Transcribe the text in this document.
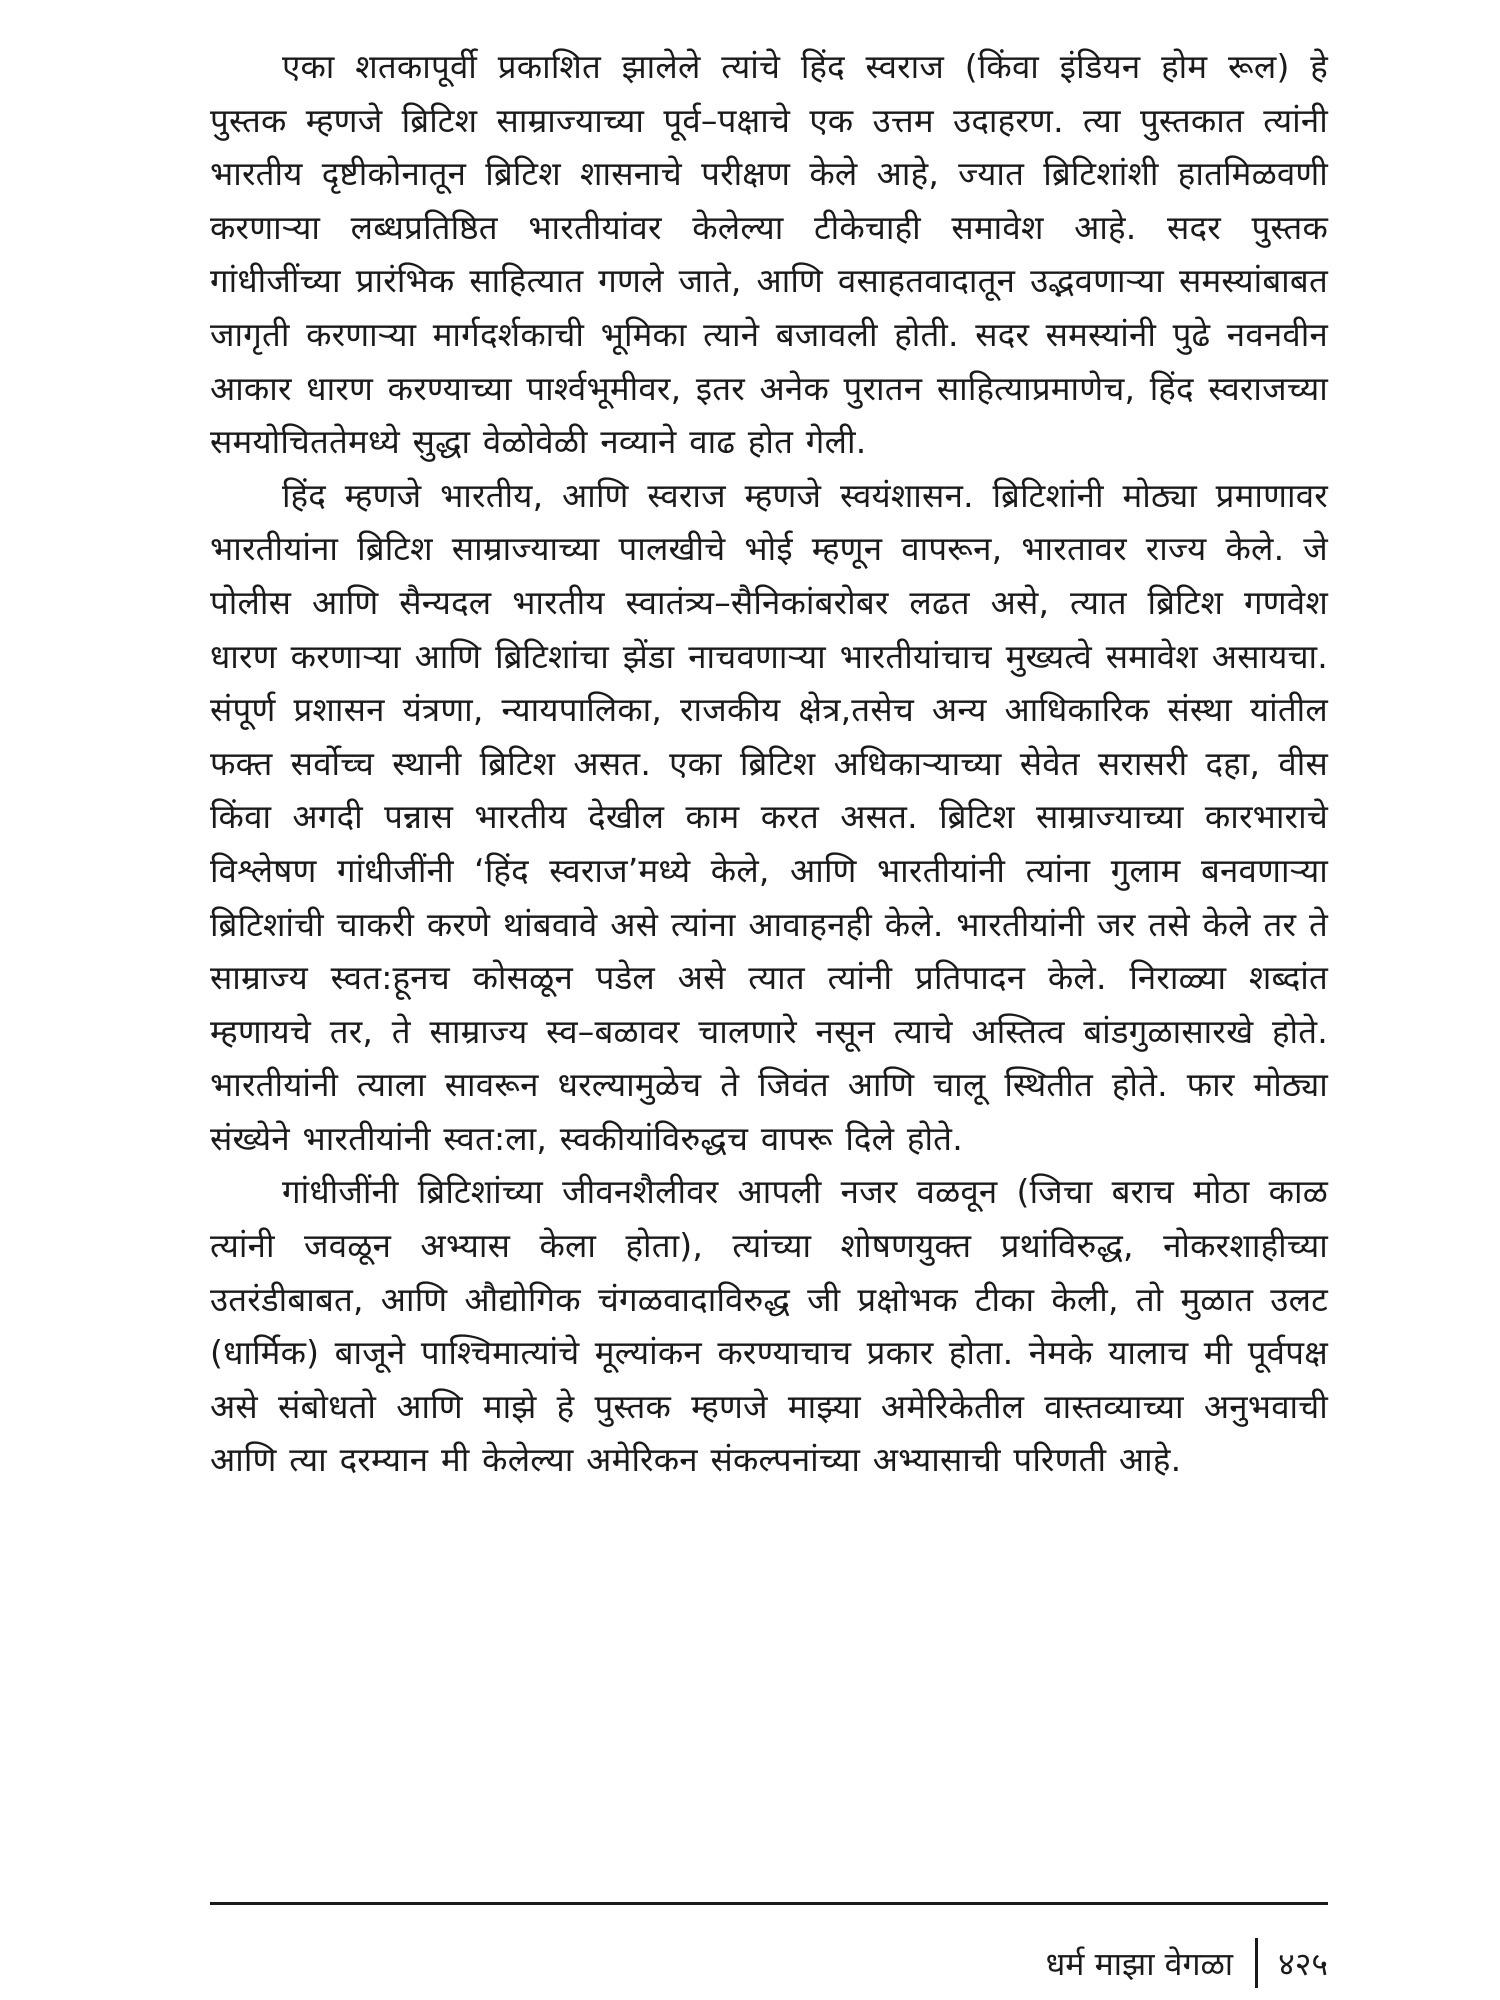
एका शतकापूर्वी प्रकाशित झालेले त्यांचे हिंद स्वराज (किंवा इंडियन होम रूल) हे पुस्तक म्हणजे ब्रिटिश साम्राज्याच्या पूर्व–पक्षाचे एक उत्तम उदाहरण. त्या पुस्तकात त्यांनी भारतीय दृष्टीकोनातून ब्रिटिश शासनाचे परीक्षण केले आहे, ज्यात ब्रिटिशांशी हातमिळवणी करणाऱ्या लब्धप्रतिष्ठित भारतीयांवर केलेल्या टीकेचाही समावेश आहे. सदर पुस्तक गांधीजींच्या प्रारंभिक साहित्यात गणले जाते, आणि वसाहतवादातून उद्भवणाऱ्या समस्यांबाबत जागृती करणाऱ्या मार्गदर्शकाची भूमिका त्याने बजावली होती. सदर समस्यांनी पुढे नवनवीन आकार धारण करण्याच्या पार्श्वभूमीवर, इतर अनेक पुरातन साहित्याप्रमाणेच, हिंद स्वराजच्या समयोचिततेमध्ये सुद्धा वेळोवेळी नव्याने वाढ होत गेली.

हिंद म्हणजे भारतीय, आणि स्वराज म्हणजे स्वयंशासन. ब्रिटिशांनी मोठ्या प्रमाणावर भारतीयांना ब्रिटिश साम्राज्याच्या पालखीचे भोई म्हणून वापरून, भारतावर राज्य केले. जे पोलीस आणि सैन्यदल भारतीय स्वातंत्र्य–सैनिकांबरोबर लढत असे, त्यात ब्रिटिश गणवेश धारण करणाऱ्या आणि ब्रिटिशांचा झेंडा नाचवणाऱ्या भारतीयांचाच मुख्यत्वे समावेश असायचा. संपूर्ण प्रशासन यंत्रणा, न्यायपालिका, राजकीय क्षेत्र,तसेच अन्य आधिकारिक संस्था यांतील फक्त सर्वोच्च स्थानी ब्रिटिश असत. एका ब्रिटिश अधिकाऱ्याच्या सेवेत सरासरी दहा, वीस किंवा अगदी पन्नास भारतीय देखील काम करत असत. ब्रिटिश साम्राज्याच्या कारभाराचे विश्लेषण गांधीजींनी ‘हिंद स्वराज’मध्ये केले, आणि भारतीयांनी त्यांना गुलाम बनवणाऱ्या ब्रिटिशांची चाकरी करणे थांबवावे असे त्यांना आवाहनही केले. भारतीयांनी जर तसे केले तर ते साम्राज्य स्वत:हूनच कोसळून पडेल असे त्यात त्यांनी प्रतिपादन केले. निराळ्या शब्दांत म्हणायचे तर, ते साम्राज्य स्व–बळावर चालणारे नसून त्याचे अस्तित्व बांडगुळासारखे होते. भारतीयांनी त्याला सावरून धरल्यामुळेच ते जिवंत आणि चालू स्थितीत होते. फार मोठ्या संख्येने भारतीयांनी स्वत:ला, स्वकीयांविरुद्धच वापरू दिले होते.

गांधीजींनी ब्रिटिशांच्या जीवनशैलीवर आपली नजर वळवून (जिचा बराच मोठा काळ त्यांनी जवळून अभ्यास केला होता), त्यांच्या शोषणयुक्त प्रथांविरुद्ध, नोकरशाहीच्या उतरंडीबाबत, आणि औद्योगिक चंगळवादाविरुद्ध जी प्रक्षोभक टीका केली, तो मुळात उलट (धार्मिक) बाजूने पाश्चिमात्यांचे मूल्यांकन करण्याचाच प्रकार होता. नेमके यालाच मी पूर्वपक्ष असे संबोधतो आणि माझे हे पुस्तक म्हणजे माझ्या अमेरिकेतील वास्तव्याच्या अनुभवाची आणि त्या दरम्यान मी केलेल्या अमेरिकन संकल्पनांच्या अभ्यासाची परिणती आहे.

धर्म माझा वेगळा ४२५
